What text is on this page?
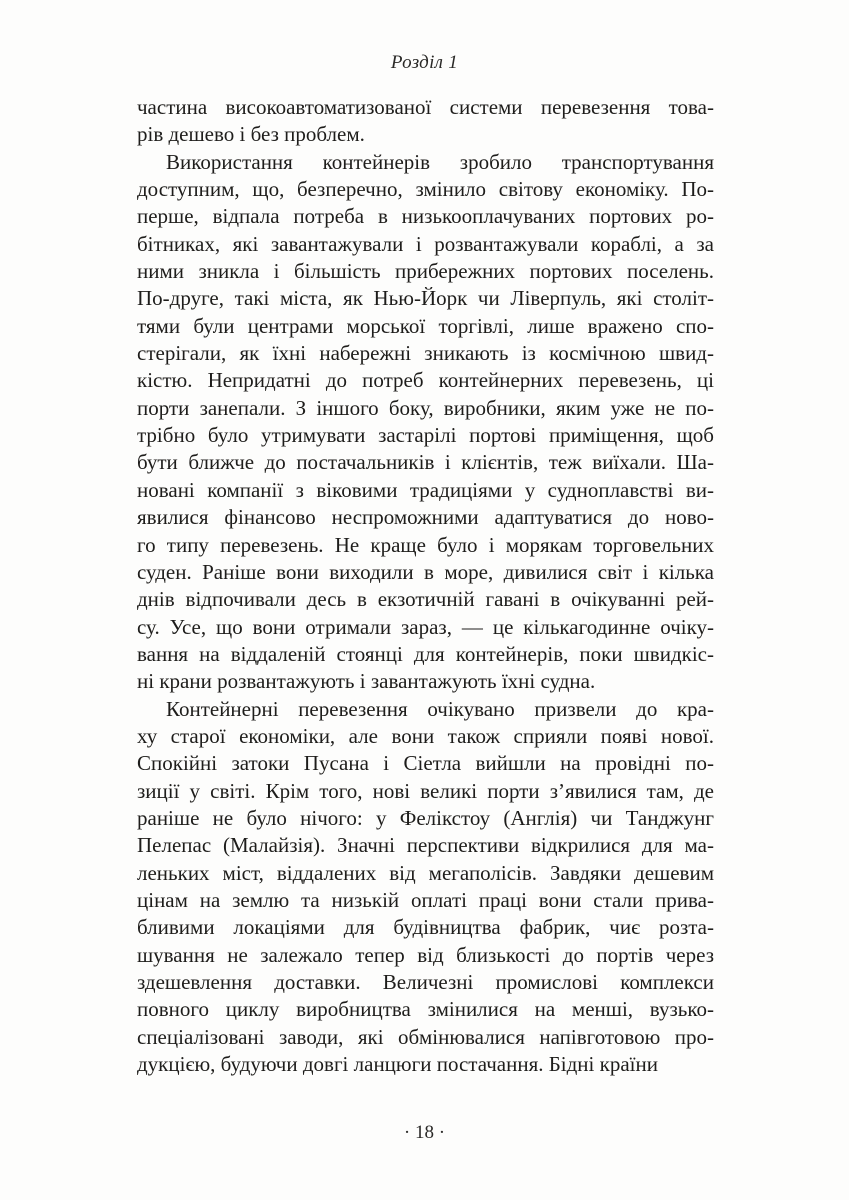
Розділ 1
частина високоавтоматизованої системи перевезення това-
рів дешево і без проблем.
Використання контейнерів зробило транспортування
доступним, що, безперечно, змінило світову економіку. По-
перше, відпала потреба в низькооплачуваних портових ро-
бітниках, які завантажували і розвантажували кораблі, а за
ними зникла і більшість прибережних портових поселень.
По-друге, такі міста, як Нью-Йорк чи Ліверпуль, які століт-
тями були центрами морської торгівлі, лише вражено спо-
стерігали, як їхні набережні зникають із космічною швид-
кістю. Непридатні до потреб контейнерних перевезень, ці
порти занепали. З іншого боку, виробники, яким уже не по-
трібно було утримувати застарілі портові приміщення, щоб
бути ближче до постачальників і клієнтів, теж виїхали. Ша-
новані компанії з віковими традиціями у судноплавстві ви-
явилися фінансово неспроможними адаптуватися до ново-
го типу перевезень. Не краще було і морякам торговельних
суден. Раніше вони виходили в море, дивилися світ і кілька
днів відпочивали десь в екзотичній гавані в очікуванні рей-
су. Усе, що вони отримали зараз, — це кількагодинне очіку-
вання на віддаленій стоянці для контейнерів, поки швидкіс-
ні крани розвантажують і завантажують їхні судна.
Контейнерні перевезення очікувано призвели до кра-
ху старої економіки, але вони також сприяли появі нової.
Спокійні затоки Пусана і Сіетла вийшли на провідні по-
зиції у світі. Крім того, нові великі порти з’явилися там, де
раніше не було нічого: у Фелікстоу (Англія) чи Танджунг
Пелепас (Малайзія). Значні перспективи відкрилися для ма-
леньких міст, віддалених від мегаполісів. Завдяки дешевим
цінам на землю та низькій оплаті праці вони стали прива-
бливими локаціями для будівництва фабрик, чиє розта-
шування не залежало тепер від близькості до портів через
здешевлення доставки. Величезні промислові комплекси
повного циклу виробництва змінилися на менші, вузько-
спеціалізовані заводи, які обмінювалися напівготовою про-
дукцією, будуючи довгі ланцюги постачання. Бідні країни
· 18 ·
